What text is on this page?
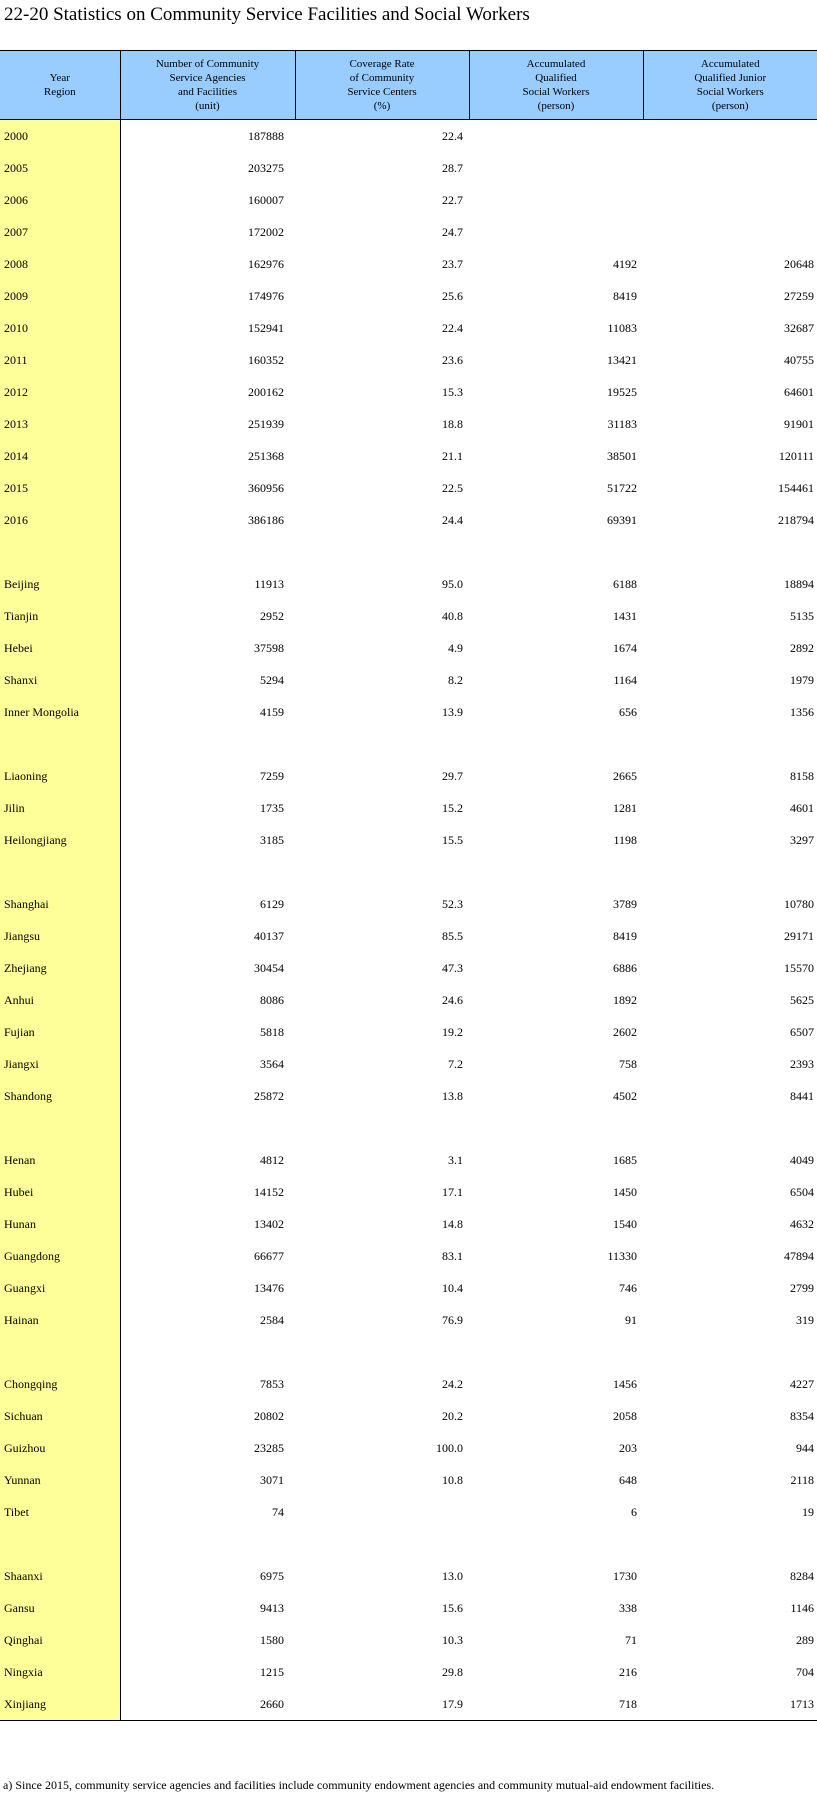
22-20 Statistics on Community Service Facilities and Social Workers
Year
Region	Number of Community
Service Agencies
and Facilities
(unit)	Coverage Rate
of Community
Service Centers
(%)	Accumulated
Qualified
Social Workers
(person)	Accumulated
Qualified Junior
Social Workers
(person)
2000	187888	22.4		
2005	203275	28.7		
2006	160007	22.7		
2007	172002	24.7		
2008	162976	23.7	4192	20648
2009	174976	25.6	8419	27259
2010	152941	22.4	11083	32687
2011	160352	23.6	13421	40755
2012	200162	15.3	19525	64601
2013	251939	18.8	31183	91901
2014	251368	21.1	38501	120111
2015	360956	22.5	51722	154461
2016	386186	24.4	69391	218794

Beijing	11913	95.0	6188	18894
Tianjin	2952	40.8	1431	5135
Hebei	37598	4.9	1674	2892
Shanxi	5294	8.2	1164	1979
Inner Mongolia	4159	13.9	656	1356

Liaoning	7259	29.7	2665	8158
Jilin	1735	15.2	1281	4601
Heilongjiang	3185	15.5	1198	3297

Shanghai	6129	52.3	3789	10780
Jiangsu	40137	85.5	8419	29171
Zhejiang	30454	47.3	6886	15570
Anhui	8086	24.6	1892	5625
Fujian	5818	19.2	2602	6507
Jiangxi	3564	7.2	758	2393
Shandong	25872	13.8	4502	8441

Henan	4812	3.1	1685	4049
Hubei	14152	17.1	1450	6504
Hunan	13402	14.8	1540	4632
Guangdong	66677	83.1	11330	47894
Guangxi	13476	10.4	746	2799
Hainan	2584	76.9	91	319

Chongqing	7853	24.2	1456	4227
Sichuan	20802	20.2	2058	8354
Guizhou	23285	100.0	203	944
Yunnan	3071	10.8	648	2118
Tibet	74		6	19

Shaanxi	6975	13.0	1730	8284
Gansu	9413	15.6	338	1146
Qinghai	1580	10.3	71	289
Ningxia	1215	29.8	216	704
Xinjiang	2660	17.9	718	1713
a) Since 2015, community service agencies and facilities include community endowment agencies and community mutual-aid endowment facilities.
